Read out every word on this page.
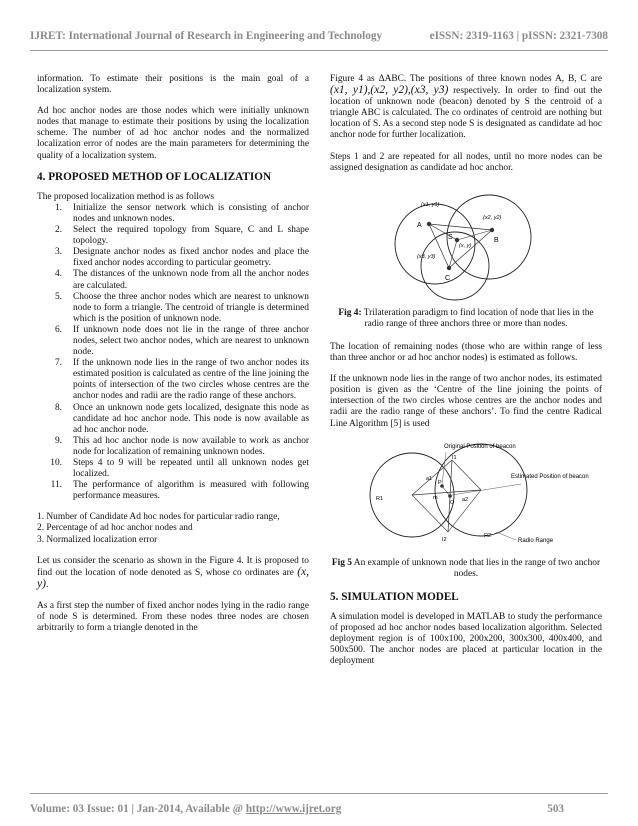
IJRET: International Journal of Research in Engineering and Technology	eISSN: 2319-1163 | pISSN: 2321-7308

information. To estimate their positions is the main goal of a localization system.

Ad hoc anchor nodes are those nodes which were initially unknown nodes that manage to estimate their positions by using the localization scheme. The number of ad hoc anchor nodes and the normalized localization error of nodes are the main parameters for determining the quality of a localization system.

4. PROPOSED METHOD OF LOCALIZATION
The proposed localization method is as follows
1.	Initialize the sensor network which is consisting of anchor nodes and unknown nodes.
2.	Select the required topology from Square, C and L shape topology.
3.	Designate anchor nodes as fixed anchor nodes and place the fixed anchor nodes according to particular geometry.
4.	The distances of the unknown node from all the anchor nodes are calculated.
5.	Choose the three anchor nodes which are nearest to unknown node to form a triangle. The centroid of triangle is determined which is the position of unknown node.
6.	If unknown node does not lie in the range of three anchor nodes, select two anchor nodes, which are nearest to unknown node.
7.	If the unknown node lies in the range of two anchor nodes its estimated position is calculated as centre of the line joining the points of intersection of the two circles whose centres are the anchor nodes and radii are the radio range of these anchors.
8.	Once an unknown node gets localized, designate this node as candidate ad hoc anchor node. This node is now available as ad hoc anchor node.
9.	This ad hoc anchor node is now available to work as anchor node for localization of remaining unknown nodes.
10.	Steps 4 to 9 will be repeated until all unknown nodes get localized.
11.	The performance of algorithm is measured with following performance measures.

1. Number of Candidate Ad hoc nodes for particular radio range,
2. Percentage of ad hoc anchor nodes and
3. Normalized localization error

Let us consider the scenario as shown in the Figure 4. It is proposed to find out the location of node denoted as S, whose co ordinates are (x, y).

As a first step the number of fixed anchor nodes lying in the radio range of node S is determined. From these nodes three nodes are chosen arbitrarily to form a triangle denoted in the

Figure 4 as ΔABC. The positions of three known nodes A, B, C are (x1, y1),(x2, y2),(x3, y3) respectively. In order to find out the location of unknown node (beacon) denoted by S the centroid of a triangle ABC is calculated. The co ordinates of centroid are nothing but location of S. As a second step node S is designated as candidate ad hoc anchor node for further localization.

Steps 1 and 2 are repeated for all nodes, until no more nodes can be assigned designation as candidate ad hoc anchor.

A
B
C
S
(x1, y1)
(x2, y2)
(x3, y3)
(x, y)
Fig 4: Trilateration paradigm to find location of node that lies in the radio range of three anchors three or more than nodes.

The location of remaining nodes (those who are within range of less than three anchor or ad hoc anchor nodes) is estimated as follows.

If the unknown node lies in the range of two anchor nodes, its estimated position is given as the ‘Centre of the line joining the points of intersection of the two circles whose centres are the anchor nodes and radii are the radio range of these anchors’. To find the centre Radical Line Algorithm [5] is used

Original Position of beacon
Estimated Position of beacon
Radio Range
I1
I2
R1
R2
a1
a2
P
m
O
Fig 5 An example of unknown node that lies in the range of two anchor nodes.
5. SIMULATION MODEL

A simulation model is developed in MATLAB to study the performance of proposed ad hoc anchor nodes based localization algorithm. Selected deployment region is of 100x100, 200x200, 300x300, 400x400, and 500x500. The anchor nodes are placed at particular location in the deployment

Volume: 03 Issue: 01 | Jan-2014, Available @ http://www.ijret.org	503
